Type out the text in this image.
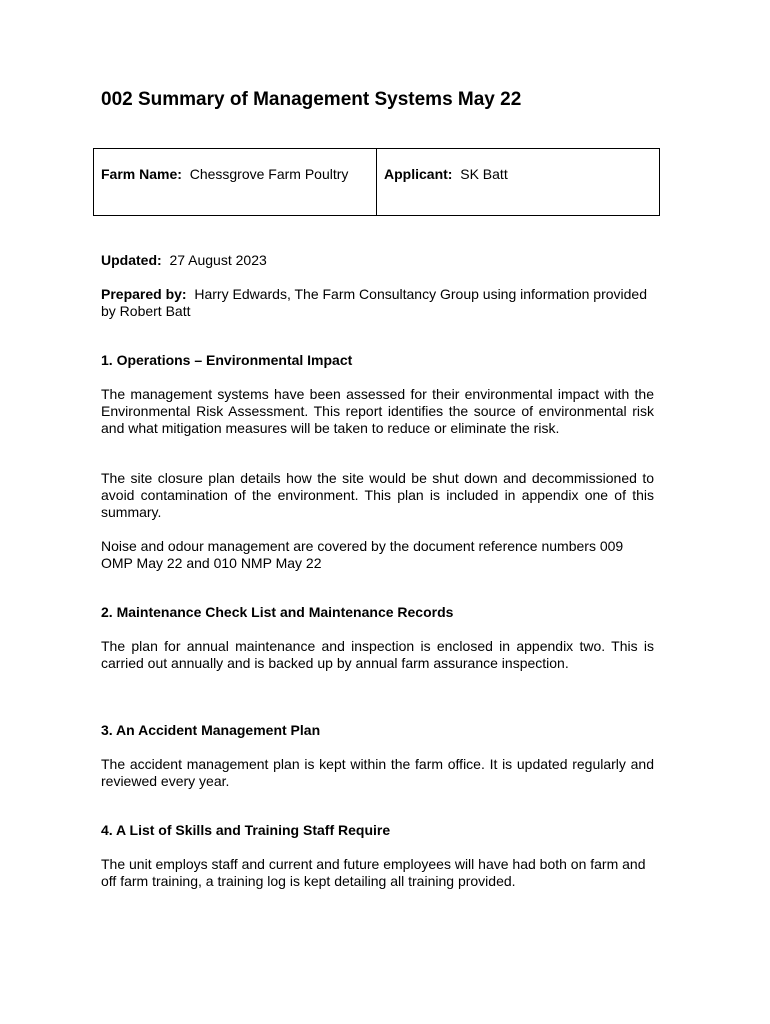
002 Summary of Management Systems May 22
Farm Name: Chessgrove Farm Poultry	Applicant: SK Batt

Updated: 27 August 2023

Prepared by: Harry Edwards, The Farm Consultancy Group using information provided by Robert Batt

1. Operations – Environmental Impact

The management systems have been assessed for their environmental impact with the Environmental Risk Assessment. This report identifies the source of environmental risk and what mitigation measures will be taken to reduce or eliminate the risk.

The site closure plan details how the site would be shut down and decommissioned to avoid contamination of the environment. This plan is included in appendix one of this summary.

Noise and odour management are covered by the document reference numbers 009 OMP May 22 and 010 NMP May 22

2. Maintenance Check List and Maintenance Records

The plan for annual maintenance and inspection is enclosed in appendix two. This is carried out annually and is backed up by annual farm assurance inspection.

3. An Accident Management Plan

The accident management plan is kept within the farm office. It is updated regularly and reviewed every year.

4. A List of Skills and Training Staff Require

The unit employs staff and current and future employees will have had both on farm and off farm training, a training log is kept detailing all training provided.
